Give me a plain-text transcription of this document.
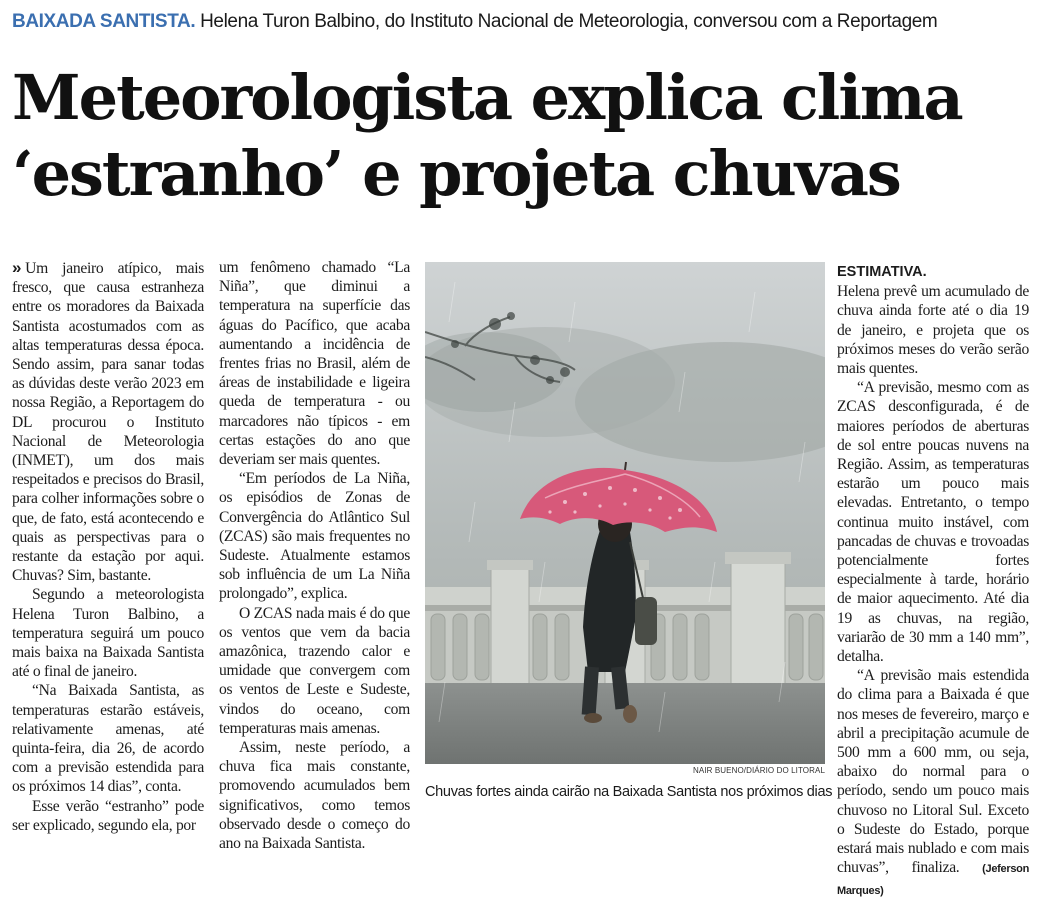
BAIXADA SANTISTA. Helena Turon Balbino, do Instituto Nacional de Meteorologia, conversou com a Reportagem
Meteorologista explica clima
‘estranho’ e projeta chuvas

» Um janeiro atípico, mais fresco, que causa estranheza entre os moradores da Baixada Santista acostumados com as altas temperaturas dessa época. Sendo assim, para sanar todas as dúvidas deste verão 2023 em nossa Região, a Reportagem do DL procurou o Instituto Nacional de Meteorologia (INMET), um dos mais respeitados e precisos do Brasil, para colher informações sobre o que, de fato, está acontecendo e quais as perspectivas para o restante da estação por aqui. Chuvas? Sim, bastante.

Segundo a meteorologista Helena Turon Balbino, a temperatura seguirá um pouco mais baixa na Baixada Santista até o final de janeiro.

“Na Baixada Santista, as temperaturas estarão estáveis, relativamente amenas, até quinta-feira, dia 26, de acordo com a previsão estendida para os próximos 14 dias”, conta.

Esse verão “estranho” pode ser explicado, segundo ela, por

um fenômeno chamado “La Niña”, que diminui a temperatura na superfície das águas do Pacífico, que acaba aumentando a incidência de frentes frias no Brasil, além de áreas de instabilidade e ligeira queda de temperatura - ou marcadores não típicos - em certas estações do ano que deveriam ser mais quentes.

“Em períodos de La Niña, os episódios de Zonas de Convergência do Atlântico Sul (ZCAS) são mais frequentes no Sudeste. Atualmente estamos sob influência de um La Niña prolongado”, explica.

O ZCAS nada mais é do que os ventos que vem da bacia amazônica, trazendo calor e umidade que convergem com os ventos de Leste e Sudeste, vindos do oceano, com temperaturas mais amenas.

Assim, neste período, a chuva fica mais constante, promovendo acumulados bem significativos, como temos observado desde o começo do ano na Baixada Santista.

NAIR BUENO/DIÁRIO DO LITORAL
Chuvas fortes ainda cairão na Baixada Santista nos próximos dias

ESTIMATIVA.

Helena prevê um acumulado de chuva ainda forte até o dia 19 de janeiro, e projeta que os próximos meses do verão serão mais quentes.

“A previsão, mesmo com as ZCAS desconfigurada, é de maiores períodos de aberturas de sol entre poucas nuvens na Região. Assim, as temperaturas estarão um pouco mais elevadas. Entretanto, o tempo continua muito instável, com pancadas de chuvas e trovoadas potencialmente fortes especialmente à tarde, horário de maior aquecimento. Até dia 19 as chuvas, na região, variarão de 30 mm a 140 mm”, detalha.

“A previsão mais estendida do clima para a Baixada é que nos meses de fevereiro, março e abril a precipitação acumule de 500 mm a 600 mm, ou seja, abaixo do normal para o período, sendo um pouco mais chuvoso no Litoral Sul. Exceto o Sudeste do Estado, porque estará mais nublado e com mais chuvas”, finaliza. (Jeferson Marques)
